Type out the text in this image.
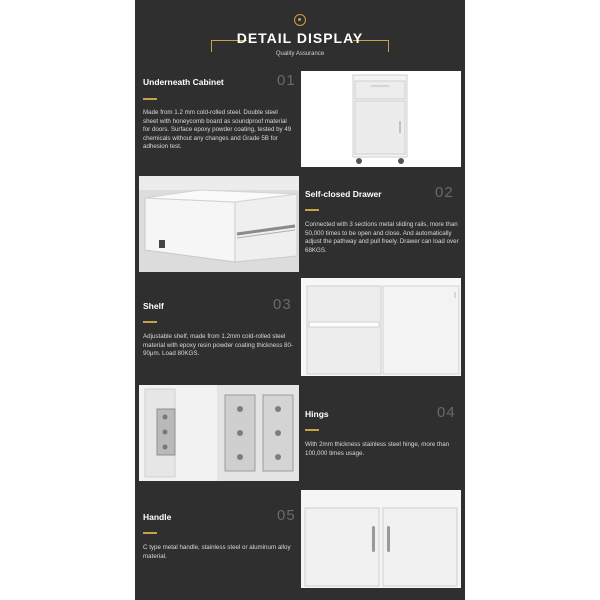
DETAIL DISPLAY
Quality Assurance
Underneath Cabinet	01
Made from 1.2 mm cold-rolled steel. Double steel sheet with honeycomb board as soundproof material for doors. Surface epoxy powder coating, tested by 49 chemicals without any changes and Grade 5B for adhesion test.
Self-closed Drawer	02
Connected with 3 sections metal sliding rails, more than 50,000 times to be open and close. And automatically adjust the pathway and pull freely. Drawer can load over 68KGS.
Shelf	03
Adjustable shelf, made from 1.2mm cold-rolled steel material with epoxy resin powder coating thickness 80-90μm. Load 80KGS.
Hings	04
With 2mm thickness stainless steel hinge, more than 100,000 times usage.
Handle	05
C type metal handle, stainless steel or aluminum alloy material.
